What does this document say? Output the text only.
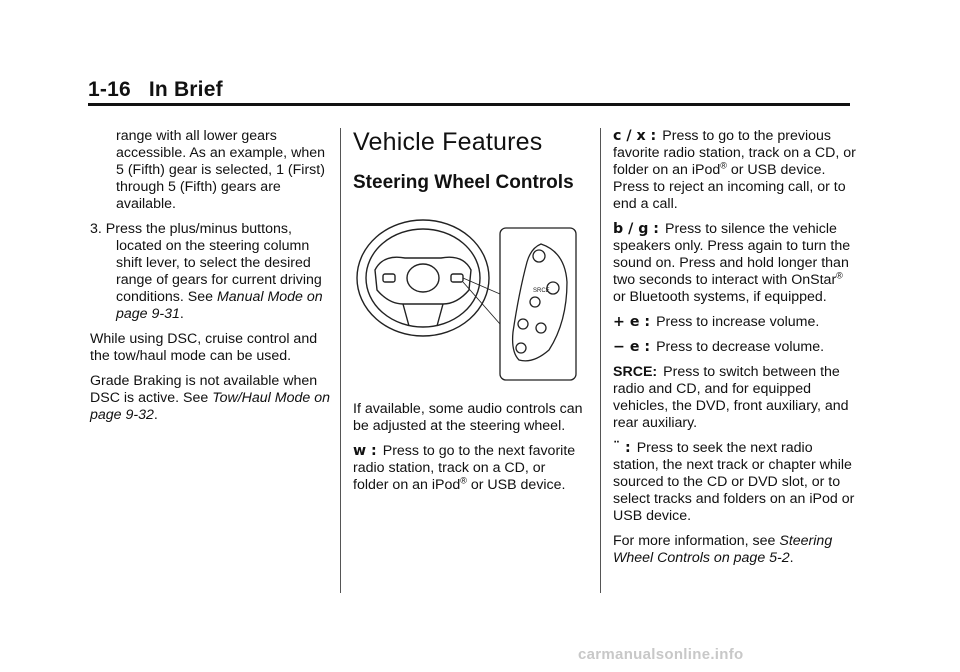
1-16 In Brief

range with all lower gears accessible. As an example, when 5 (Fifth) gear is selected, 1 (First) through 5 (Fifth) gears are available.

3. Press the plus/minus buttons, located on the steering column shift lever, to select the desired range of gears for current driving conditions. See Manual Mode on page 9-31.

While using DSC, cruise control and the tow/haul mode can be used.

Grade Braking is not available when DSC is active. See Tow/Haul Mode on page 9-32.

Vehicle Features
Steering Wheel Controls
SRCE

If available, some audio controls can be adjusted at the steering wheel.

w : Press to go to the next favorite radio station, track on a CD, or folder on an iPod® or USB device.

c / x : Press to go to the previous favorite radio station, track on a CD, or folder on an iPod® or USB device. Press to reject an incoming call, or to end a call.

b / g : Press to silence the vehicle speakers only. Press again to turn the sound on. Press and hold longer than two seconds to interact with OnStar® or Bluetooth systems, if equipped.

+ e : Press to increase volume.

− e : Press to decrease volume.

SRCE: Press to switch between the radio and CD, and for equipped vehicles, the DVD, front auxiliary, and rear auxiliary.

¨ : Press to seek the next radio station, the next track or chapter while sourced to the CD or DVD slot, or to select tracks and folders on an iPod or USB device.

For more information, see Steering Wheel Controls on page 5-2.

carmanualsonline.info
